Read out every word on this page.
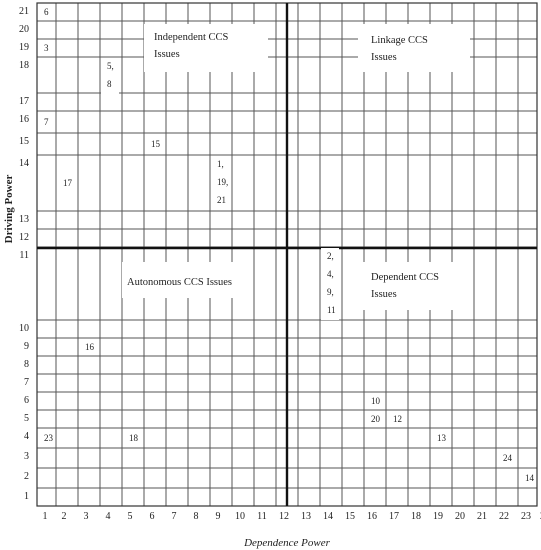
6
3
5,
8
7
15
17
1,
19,
21
2,
4,
9,
11
16
10
20 12
23	18	13
24
14
Independent CCS
Issues
Linkage CCS
Issues
Autonomous CCS Issues	Dependent CCS
Issues
1 2 3 4 5 6 7 8 9 10 11 12 13 14 15 16 17 18 19 20 21 22 23
1
2
3
4
5
6
7
8
9
10
11
12
13
14
15
16
17
18
19
20
21
Driving Power
Dependence Power
